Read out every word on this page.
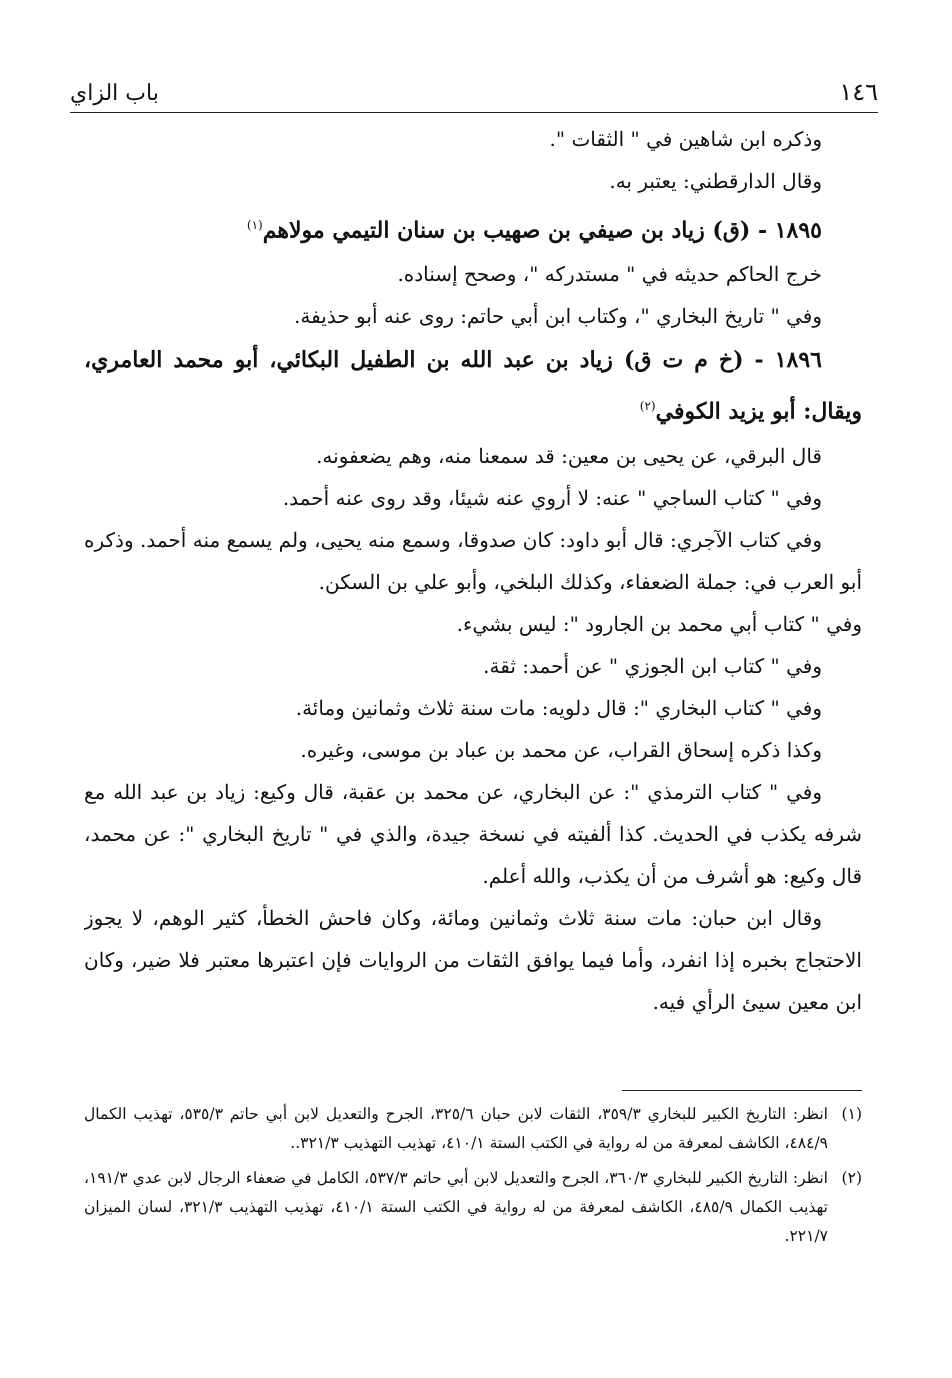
١٤٦
باب الزاي
وذكره ابن شاهين في " الثقات ".
وقال الدارقطني: يعتبر به.
١٨٩٥ - (ق) زياد بن صيفي بن صهيب بن سنان التيمي مولاهم$^{(١)}$
خرج الحاكم حديثه في " مستدركه "، وصحح إسناده.
وفي " تاريخ البخاري "، وكتاب ابن أبي حاتم: روى عنه أبو حذيفة.
١٨٩٦ - (خ م ت ق) زياد بن عبد الله بن الطفيل البكائي، أبو محمد العامري، ويقال: أبو يزيد الكوفي$^{(٢)}$
قال البرقي، عن يحيى بن معين: قد سمعنا منه، وهم يضعفونه.
وفي " كتاب الساجي " عنه: لا أروي عنه شيئا، وقد روى عنه أحمد.
وفي كتاب الآجري: قال أبو داود: كان صدوقا، وسمع منه يحيى، ولم يسمع منه أحمد. وذكره أبو العرب في: جملة الضعفاء، وكذلك البلخي، وأبو علي بن السكن.
وفي " كتاب أبي محمد بن الجارود ": ليس بشيء.
وفي " كتاب ابن الجوزي " عن أحمد: ثقة.
وفي " كتاب البخاري ": قال دلويه: مات سنة ثلاث وثمانين ومائة.
وكذا ذكره إسحاق القراب، عن محمد بن عباد بن موسى، وغيره.
وفي " كتاب الترمذي ": عن البخاري، عن محمد بن عقبة، قال وكيع: زياد بن عبد الله مع شرفه يكذب في الحديث. كذا ألفيته في نسخة جيدة، والذي في " تاريخ البخاري ": عن محمد، قال وكيع: هو أشرف من أن يكذب، والله أعلم.
وقال ابن حبان: مات سنة ثلاث وثمانين ومائة، وكان فاحش الخطأ، كثير الوهم، لا يجوز الاحتجاج بخبره إذا انفرد، وأما فيما يوافق الثقات من الروايات فإن اعتبرها معتبر فلا ضير، وكان ابن معين سيئ الرأي فيه.
(١)
انظر: التاريخ الكبير للبخاري ٣٥٩/٣، الثقات لابن حبان ٣٢٥/٦، الجرح والتعديل لابن أبي حاتم ٥٣٥/٣، تهذيب الكمال ٤٨٤/٩، الكاشف لمعرفة من له رواية في الكتب الستة ٤١٠/١، تهذيب التهذيب ٣٢١/٣..
(٢)
انظر: التاريخ الكبير للبخاري ٣٦٠/٣، الجرح والتعديل لابن أبي حاتم ٥٣٧/٣، الكامل في ضعفاء الرجال لابن عدي ١٩١/٣، تهذيب الكمال ٤٨٥/٩، الكاشف لمعرفة من له رواية في الكتب الستة ٤١٠/١، تهذيب التهذيب ٣٢١/٣، لسان الميزان ٢٢١/٧.
